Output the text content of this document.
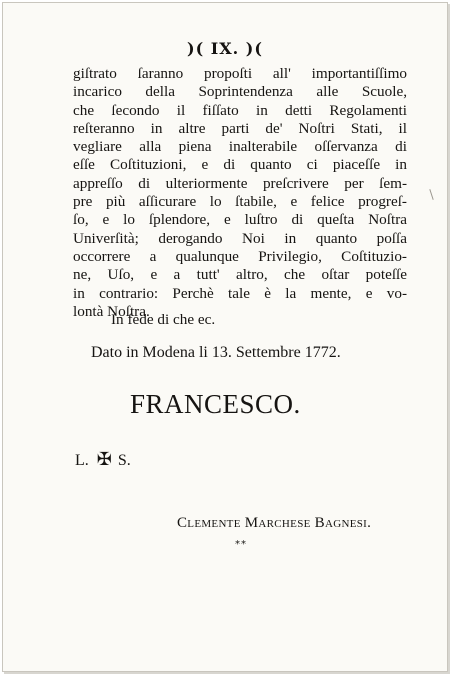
)( IX. )(
giſtrato ſaranno propoſti all' importantiſſimo
incarico della Soprintendenza alle Scuole,
che ſecondo il fiſſato in detti Regolamenti
reſteranno in altre parti de' Noſtri Stati, il
vegliare alla piena inalterabile oſſervanza di
eſſe Coſtituzioni, e di quanto ci piaceſſe in
appreſſo di ulteriormente preſcrivere per ſem-
pre più aſſicurare lo ſtabile, e felice progreſ-
ſo, e lo ſplendore, e luſtro di queſta Noſtra
Univerſità; derogando Noi in quanto poſſa
occorrere a qualunque Privilegio, Coſtituzio-
ne, Uſo, e a tutt' altro, che oſtar poteſſe
in contrario: Perchè tale è la mente, e vo-
lontà Noſtra.
In fede di che ec.
Dato in Modena li 13. Settembre 1772.
FRANCESCO.
L. ✠ S.
Clemente Marchese Bagnesi.
**
